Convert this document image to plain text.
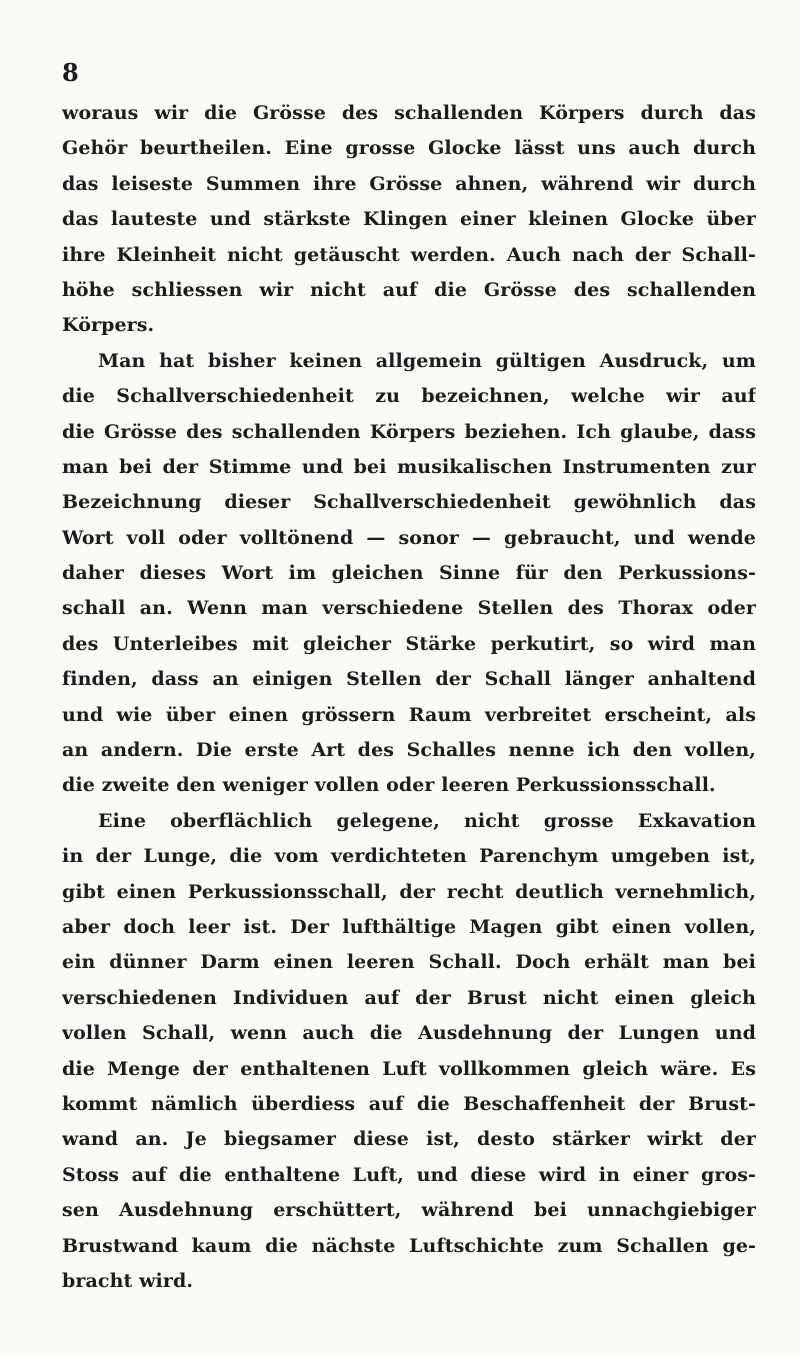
8
woraus wir die Grösse des schallenden Körpers durch das
Gehör beurtheilen. Eine grosse Glocke lässt uns auch durch
das leiseste Summen ihre Grösse ahnen, während wir durch
das lauteste und stärkste Klingen einer kleinen Glocke über
ihre Kleinheit nicht getäuscht werden. Auch nach der Schall-
höhe schliessen wir nicht auf die Grösse des schallenden
Körpers.
Man hat bisher keinen allgemein gültigen Ausdruck, um
die Schallverschiedenheit zu bezeichnen, welche wir auf
die Grösse des schallenden Körpers beziehen. Ich glaube, dass
man bei der Stimme und bei musikalischen Instrumenten zur
Bezeichnung dieser Schallverschiedenheit gewöhnlich das
Wort voll oder volltönend — sonor — gebraucht, und wende
daher dieses Wort im gleichen Sinne für den Perkussions-
schall an. Wenn man verschiedene Stellen des Thorax oder
des Unterleibes mit gleicher Stärke perkutirt, so wird man
finden, dass an einigen Stellen der Schall länger anhaltend
und wie über einen grössern Raum verbreitet erscheint, als
an andern. Die erste Art des Schalles nenne ich den vollen,
die zweite den weniger vollen oder leeren Perkussionsschall.
Eine oberflächlich gelegene, nicht grosse Exkavation
in der Lunge, die vom verdichteten Parenchym umgeben ist,
gibt einen Perkussionsschall, der recht deutlich vernehmlich,
aber doch leer ist. Der lufthältige Magen gibt einen vollen,
ein dünner Darm einen leeren Schall. Doch erhält man bei
verschiedenen Individuen auf der Brust nicht einen gleich
vollen Schall, wenn auch die Ausdehnung der Lungen und
die Menge der enthaltenen Luft vollkommen gleich wäre. Es
kommt nämlich überdiess auf die Beschaffenheit der Brust-
wand an. Je biegsamer diese ist, desto stärker wirkt der
Stoss auf die enthaltene Luft, und diese wird in einer gros-
sen Ausdehnung erschüttert, während bei unnachgiebiger
Brustwand kaum die nächste Luftschichte zum Schallen ge-
bracht wird.
